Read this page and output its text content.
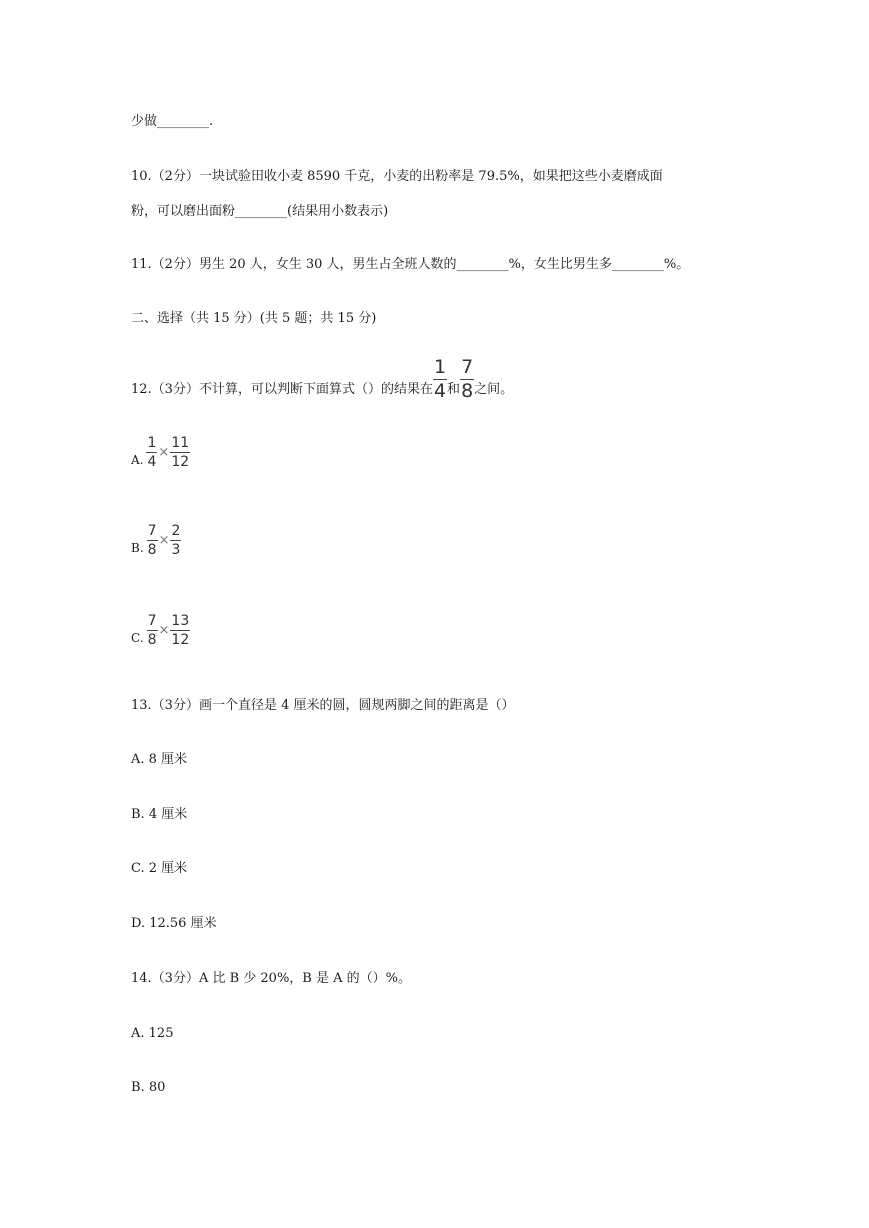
少做________.
10.（2分）一块试验田收小麦 8590 千克，小麦的出粉率是 79.5%，如果把这些小麦磨成面
粉，可以磨出面粉________(结果用小数表示)
11.（2分）男生 20 人，女生 30 人，男生占全班人数的________%，女生比男生多________%。
二、选择（共 15 分）(共 5 题；共 15 分)
12.（3分）不计算，可以判断下面算式（）的结果在 $\frac{1}{4}$ 和 $\frac{7}{8}$ 之间。
A. $\frac{1}{4} \times \frac{11}{12}$
B. $\frac{7}{8} \times \frac{2}{3}$
C. $\frac{7}{8} \times \frac{13}{12}$
13.（3分）画一个直径是 4 厘米的圆，圆规两脚之间的距离是（）
A. 8 厘米
B. 4 厘米
C. 2 厘米
D. 12.56 厘米
14.（3分）A 比 B 少 20%，B 是 A 的（）%。
A. 125
B. 80
